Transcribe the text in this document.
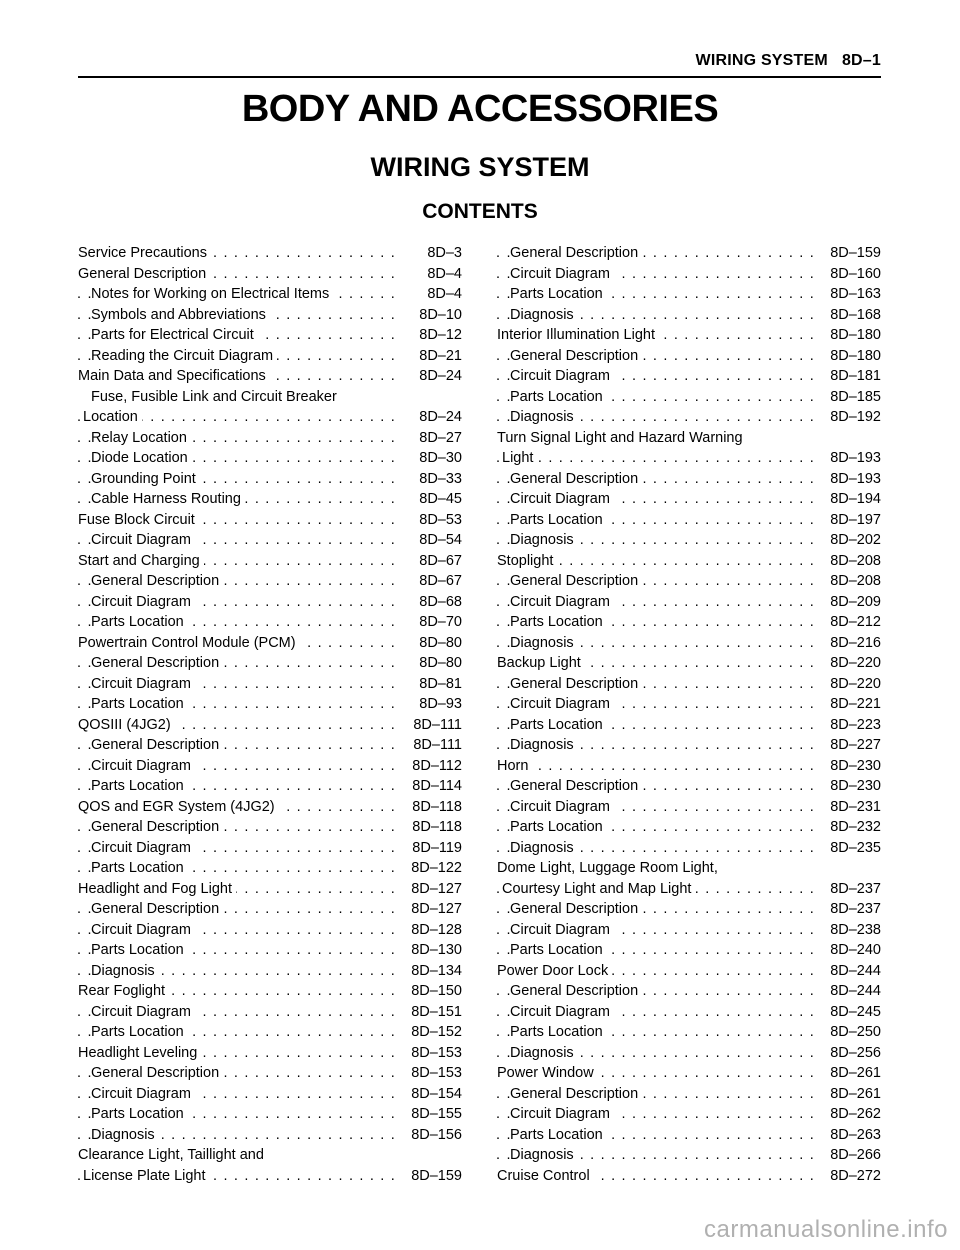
WIRING SYSTEM 8D–1
BODY AND ACCESSORIES
WIRING SYSTEM
CONTENTS
Service Precautions	8D–3
. . .
General Description	8D–4
. . .
Notes for Working on Electrical Items	8D–4
. . .
Symbols and Abbreviations	8D–10
. . .
Parts for Electrical Circuit	8D–12
. . .
Reading the Circuit Diagram	8D–21
. . .
Main Data and Specifications	8D–24
. . .
Fuse, Fusible Link and Circuit Breaker
Location	8D–24
. . .
Relay Location	8D–27
. . .
Diode Location	8D–30
. . .
Grounding Point	8D–33
. . .
Cable Harness Routing	8D–45
. . .
Fuse Block Circuit	8D–53
. . .
Circuit Diagram	8D–54
. . .
Start and Charging	8D–67
. . .
General Description	8D–67
. . .
Circuit Diagram	8D–68
. . .
Parts Location	8D–70
. . .
Powertrain Control Module (PCM)	8D–80
. . .
General Description	8D–80
. . .
Circuit Diagram	8D–81
. . .
Parts Location	8D–93
. . .
QOSIII (4JG2)	8D–111
. . .
General Description	8D–111
. . .
Circuit Diagram	8D–112
. . .
Parts Location	8D–114
. . .
QOS and EGR System (4JG2)	8D–118
. . .
General Description	8D–118
. . .
Circuit Diagram	8D–119
. . .
Parts Location	8D–122
. . .
Headlight and Fog Light	8D–127
. . .
General Description	8D–127
. . .
Circuit Diagram	8D–128
. . .
Parts Location	8D–130
. . .
Diagnosis	8D–134
. . .
Rear Foglight	8D–150
. . .
Circuit Diagram	8D–151
. . .
Parts Location	8D–152
. . .
Headlight Leveling	8D–153
. . .
General Description	8D–153
. . .
Circuit Diagram	8D–154
. . .
Parts Location	8D–155
. . .
Diagnosis	8D–156
. . .
Clearance Light, Taillight and
License Plate Light	8D–159
. . .
General Description	8D–159
. . .
Circuit Diagram	8D–160
. . .
Parts Location	8D–163
. . .
Diagnosis	8D–168
. . .
Interior Illumination Light	8D–180
. . .
General Description	8D–180
. . .
Circuit Diagram	8D–181
. . .
Parts Location	8D–185
. . .
Diagnosis	8D–192
. . .
Turn Signal Light and Hazard Warning
Light	8D–193
. . .
General Description	8D–193
. . .
Circuit Diagram	8D–194
. . .
Parts Location	8D–197
. . .
Diagnosis	8D–202
. . .
Stoplight	8D–208
. . .
General Description	8D–208
. . .
Circuit Diagram	8D–209
. . .
Parts Location	8D–212
. . .
Diagnosis	8D–216
. . .
Backup Light	8D–220
. . .
General Description	8D–220
. . .
Circuit Diagram	8D–221
. . .
Parts Location	8D–223
. . .
Diagnosis	8D–227
. . .
Horn	8D–230
. . .
General Description	8D–230
. . .
Circuit Diagram	8D–231
. . .
Parts Location	8D–232
. . .
Diagnosis	8D–235
. . .
Dome Light, Luggage Room Light,
Courtesy Light and Map Light	8D–237
. . .
General Description	8D–237
. . .
Circuit Diagram	8D–238
. . .
Parts Location	8D–240
. . .
Power Door Lock	8D–244
. . .
General Description	8D–244
. . .
Circuit Diagram	8D–245
. . .
Parts Location	8D–250
. . .
Diagnosis	8D–256
. . .
Power Window	8D–261
. . .
General Description	8D–261
. . .
Circuit Diagram	8D–262
. . .
Parts Location	8D–263
. . .
Diagnosis	8D–266
. . .
Cruise Control	8D–272
. . .
carmanualsonline.info
